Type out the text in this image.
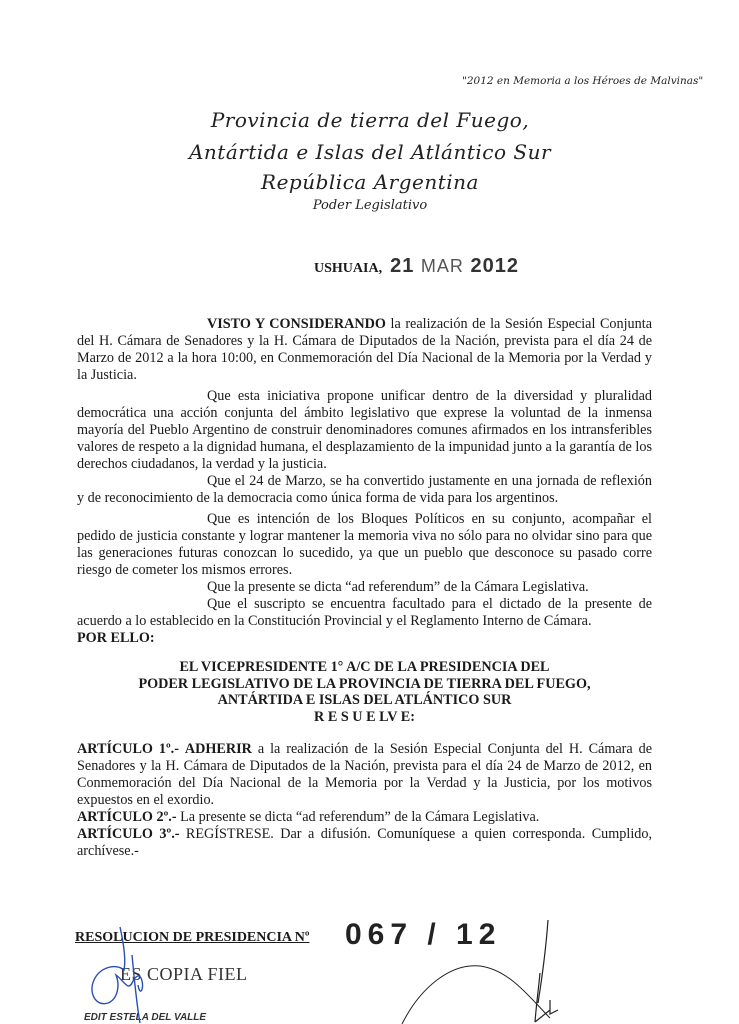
"2012 en Memoria a los Héroes de Malvinas"
Provincia de tierra del Fuego,
Antártida e Islas del Atlántico Sur
República Argentina
Poder Legislativo
USHUAIA, 21 MAR 2012

VISTO Y CONSIDERANDO la realización de la Sesión Especial Conjunta del H. Cámara de Senadores y la H. Cámara de Diputados de la Nación, prevista para el día 24 de Marzo de 2012 a la hora 10:00, en Conmemoración del Día Nacional de la Memoria por la Verdad y la Justicia.

Que esta iniciativa propone unificar dentro de la diversidad y pluralidad democrática una acción conjunta del ámbito legislativo que exprese la voluntad de la inmensa mayoría del Pueblo Argentino de construir denominadores comunes afirmados en los intransferibles valores de respeto a la dignidad humana, el desplazamiento de la impunidad junto a la garantía de los derechos ciudadanos, la verdad y la justicia.

Que el 24 de Marzo, se ha convertido justamente en una jornada de reflexión y de reconocimiento de la democracia como única forma de vida para los argentinos.

Que es intención de los Bloques Políticos en su conjunto, acompañar el pedido de justicia constante y lograr mantener la memoria viva no sólo para no olvidar sino para que las generaciones futuras conozcan lo sucedido, ya que un pueblo que desconoce su pasado corre riesgo de cometer los mismos errores.

Que la presente se dicta “ad referendum” de la Cámara Legislativa.

Que el suscripto se encuentra facultado para el dictado de la presente de acuerdo a lo establecido en la Constitución Provincial y el Reglamento Interno de Cámara.

POR ELLO:

EL VICEPRESIDENTE 1° A/C DE LA PRESIDENCIA DEL
PODER LEGISLATIVO DE LA PROVINCIA DE TIERRA DEL FUEGO,
ANTÁRTIDA E ISLAS DEL ATLÁNTICO SUR
R E S U E LV E:

ARTÍCULO 1º.- ADHERIR a la realización de la Sesión Especial Conjunta del H. Cámara de Senadores y la H. Cámara de Diputados de la Nación, prevista para el día 24 de Marzo de 2012, en Conmemoración del Día Nacional de la Memoria por la Verdad y la Justicia, por los motivos expuestos en el exordio.

ARTÍCULO 2º.- La presente se dicta “ad referendum” de la Cámara Legislativa.

ARTÍCULO 3º.- REGÍSTRESE. Dar a difusión. Comuníquese a quien corresponda. Cumplido, archívese.-

RESOLUCION DE PRESIDENCIA Nº 067 / 12
ES COPIA FIEL
EDIT ESTELA DEL VALLE
